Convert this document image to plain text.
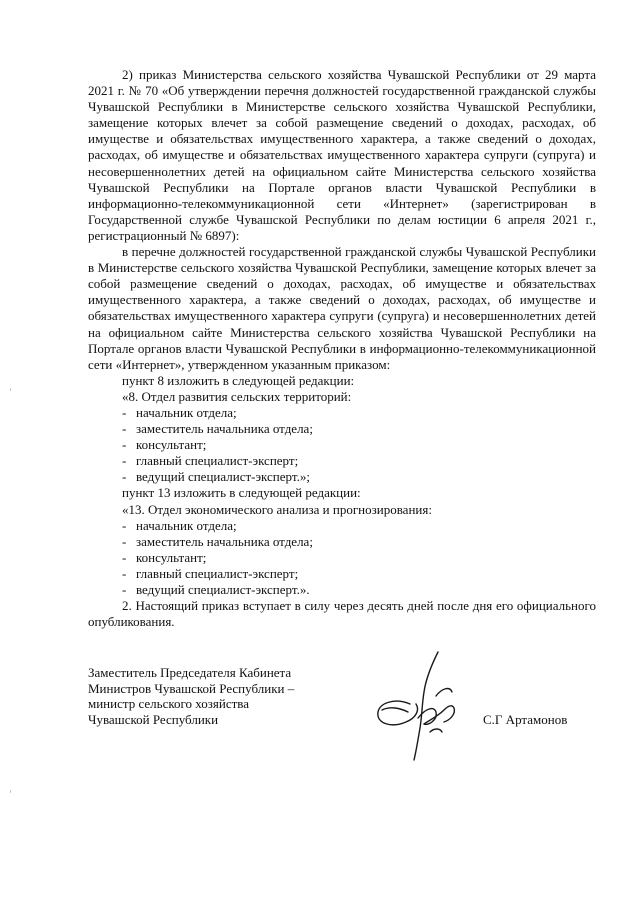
2) приказ Министерства сельского хозяйства Чувашской Республики от 29 марта 2021 г. № 70 «Об утверждении перечня должностей государственной гражданской службы Чувашской Республики в Министерстве сельского хозяйства Чувашской Республики, замещение которых влечет за собой размещение сведений о доходах, расходах, об имуществе и обязательствах имущественного характера, а также сведений о доходах, расходах, об имуществе и обязательствах имущественного характера супруги (супруга) и несовершеннолетних детей на официальном сайте Министерства сельского хозяйства Чувашской Республики на Портале органов власти Чувашской Республики в информационно-телекоммуникационной сети «Интернет» (зарегистрирован в Государственной службе Чувашской Республики по делам юстиции 6 апреля 2021 г., регистрационный № 6897):

в перечне должностей государственной гражданской службы Чувашской Республики в Министерстве сельского хозяйства Чувашской Республики, замещение которых влечет за собой размещение сведений о доходах, расходах, об имуществе и обязательствах имущественного характера, а также сведений о доходах, расходах, об имуществе и обязательствах имущественного характера супруги (супруга) и несовершеннолетних детей на официальном сайте Министерства сельского хозяйства Чувашской Республики на Портале органов власти Чувашской Республики в информационно-телекоммуникационной сети «Интернет», утвержденном указанным приказом:

пункт 8 изложить в следующей редакции:

«8. Отдел развития сельских территорий:

- начальник отдела;
- заместитель начальника отдела;
- консультант;
- главный специалист-эксперт;
- ведущий специалист-эксперт.»;

пункт 13 изложить в следующей редакции:

«13. Отдел экономического анализа и прогнозирования:

- начальник отдела;
- заместитель начальника отдела;
- консультант;
- главный специалист-эксперт;
- ведущий специалист-эксперт.».

2. Настоящий приказ вступает в силу через десять дней после дня его официального опубликования.

Заместитель Председателя Кабинета

Министров Чувашской Республики –

министр сельского хозяйства

Чувашской Республики	С.Г Артамонов
